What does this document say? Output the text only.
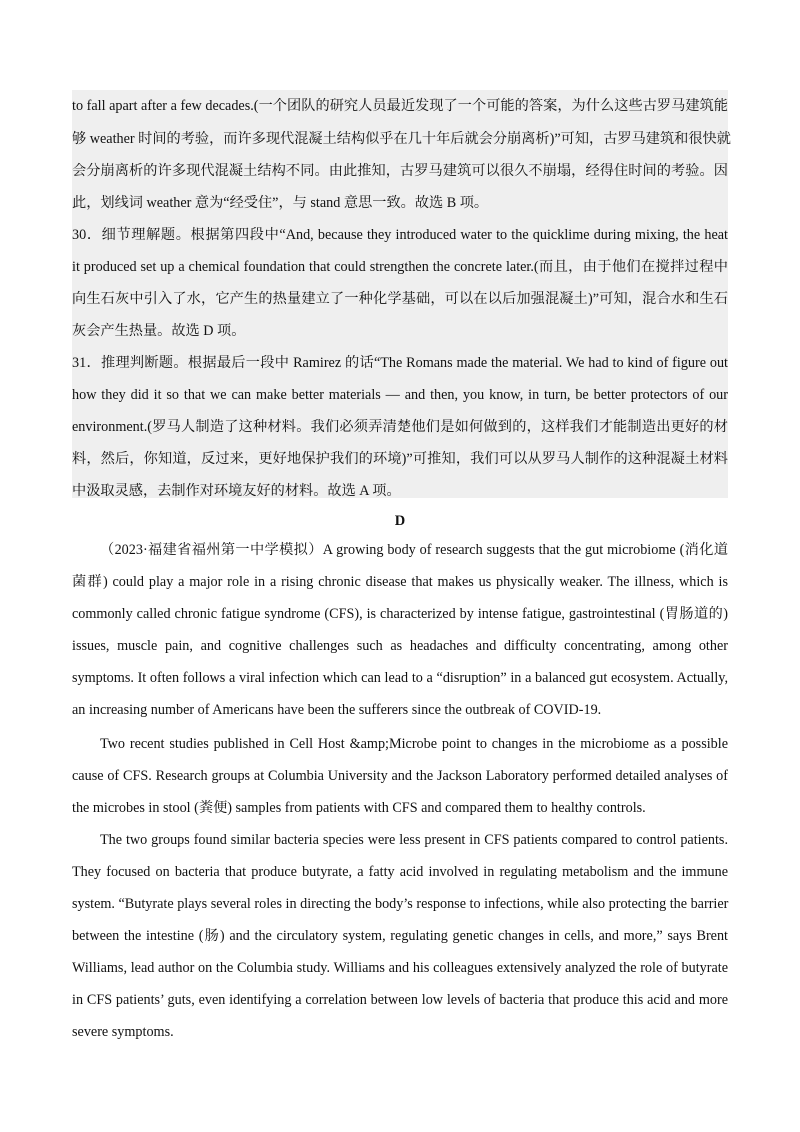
to fall apart after a few decades.(一个团队的研究人员最近发现了一个可能的答案，为什么这些古罗马建筑能
够 weather 时间的考验，而许多现代混凝土结构似乎在几十年后就会分崩离析)”可知，古罗马建筑和很快就
会分崩离析的许多现代混凝土结构不同。由此推知，古罗马建筑可以很久不崩塌，经得住时间的考验。因
此，划线词 weather 意为“经受住”，与 stand 意思一致。故选 B 项。
30．细节理解题。根据第四段中“And, because they introduced water to the quicklime during mixing, the heat
it produced set up a chemical foundation that could strengthen the concrete later.(而且，由于他们在搅拌过程中
向生石灰中引入了水，它产生的热量建立了一种化学基础，可以在以后加强混凝土)”可知，混合水和生石
灰会产生热量。故选 D 项。
31．推理判断题。根据最后一段中 Ramirez 的话“The Romans made the material. We had to kind of figure out
how they did it so that we can make better materials — and then, you know, in turn, be better protectors of our
environment.(罗马人制造了这种材料。我们必须弄清楚他们是如何做到的，这样我们才能制造出更好的材
料，然后，你知道，反过来，更好地保护我们的环境)”可推知，我们可以从罗马人制作的这种混凝土材料
中汲取灵感，去制作对环境友好的材料。故选 A 项。
D
（2023·福建省福州第一中学模拟）A growing body of research suggests that the gut microbiome (消化道
菌群) could play a major role in a rising chronic disease that makes us physically weaker. The illness, which is
commonly called chronic fatigue syndrome (CFS), is characterized by intense fatigue, gastrointestinal (胃肠道的)
issues, muscle pain, and cognitive challenges such as headaches and difficulty concentrating, among other
symptoms. It often follows a viral infection which can lead to a “disruption” in a balanced gut ecosystem. Actually,
an increasing number of Americans have been the sufferers since the outbreak of COVID-19.
Two recent studies published in Cell Host &amp;Microbe point to changes in the microbiome as a possible
cause of CFS. Research groups at Columbia University and the Jackson Laboratory performed detailed analyses of
the microbes in stool (粪便) samples from patients with CFS and compared them to healthy controls.
The two groups found similar bacteria species were less present in CFS patients compared to control patients.
They focused on bacteria that produce butyrate, a fatty acid involved in regulating metabolism and the immune
system. “Butyrate plays several roles in directing the body’s response to infections, while also protecting the barrier
between the intestine (肠) and the circulatory system, regulating genetic changes in cells, and more,” says Brent
Williams, lead author on the Columbia study. Williams and his colleagues extensively analyzed the role of butyrate
in CFS patients’ guts, even identifying a correlation between low levels of bacteria that produce this acid and more
severe symptoms.
